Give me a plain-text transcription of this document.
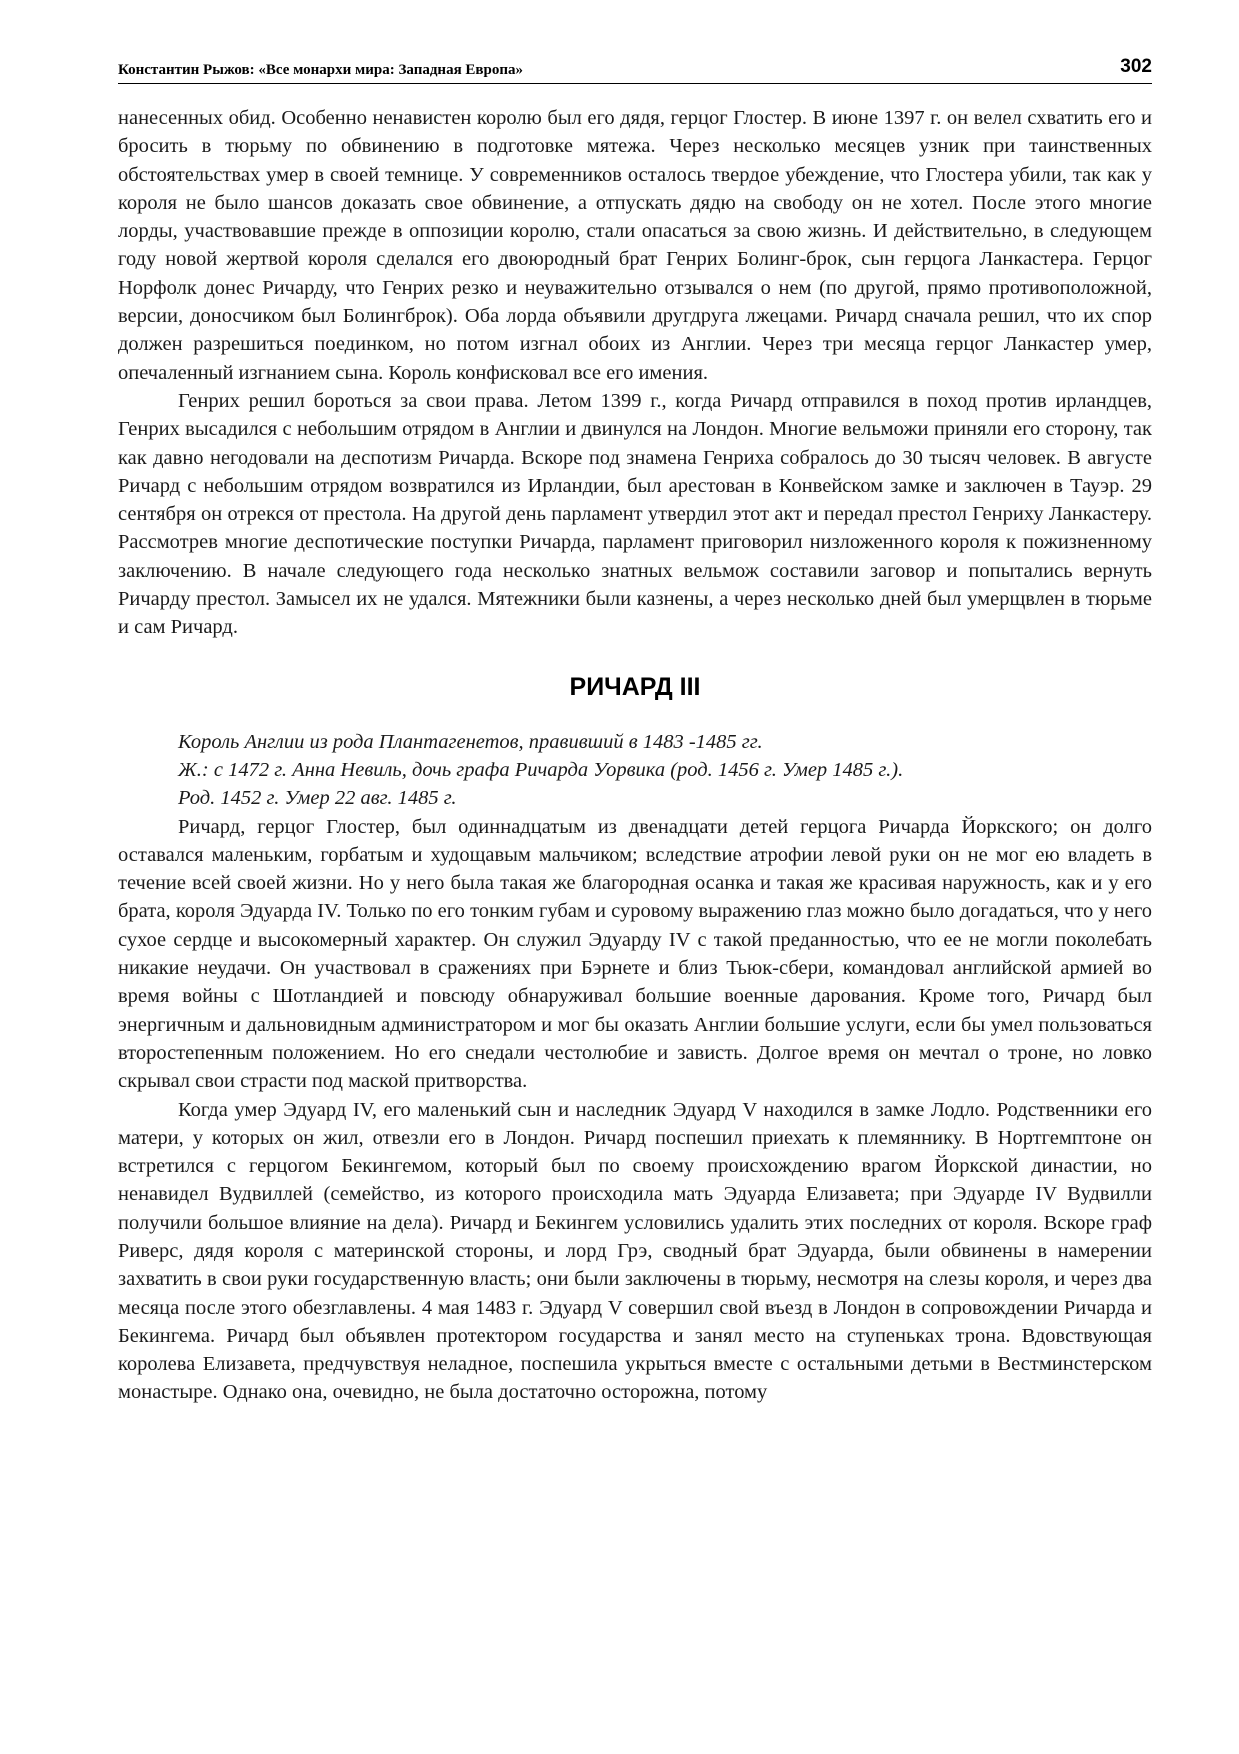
Константин Рыжов: «Все монархи мира: Западная Европа»	302

нанесенных обид. Особенно ненавистен королю был его дядя, герцог Глостер. В июне 1397 г. он велел схватить его и бросить в тюрьму по обвинению в подготовке мятежа. Через несколько месяцев узник при таинственных обстоятельствах умер в своей темнице. У современников осталось твердое убеждение, что Глостера убили, так как у короля не было шансов доказать свое обвинение, а отпускать дядю на свободу он не хотел. После этого многие лорды, участвовавшие прежде в оппозиции королю, стали опасаться за свою жизнь. И действительно, в следующем году новой жертвой короля сделался его двоюродный брат Генрих Болинг-брок, сын герцога Ланкастера. Герцог Норфолк донес Ричарду, что Генрих резко и неуважительно отзывался о нем (по другой, прямо противоположной, версии, доносчиком был Болингброк). Оба лорда объявили другдруга лжецами. Ричард сначала решил, что их спор должен разрешиться поединком, но потом изгнал обоих из Англии. Через три месяца герцог Ланкастер умер, опечаленный изгнанием сына. Король конфисковал все его имения.

Генрих решил бороться за свои права. Летом 1399 г., когда Ричард отправился в поход против ирландцев, Генрих высадился с небольшим отрядом в Англии и двинулся на Лондон. Многие вельможи приняли его сторону, так как давно негодовали на деспотизм Ричарда. Вскоре под знамена Генриха собралось до 30 тысяч человек. В августе Ричард с небольшим отрядом возвратился из Ирландии, был арестован в Конвейском замке и заключен в Тауэр. 29 сентября он отрекся от престола. На другой день парламент утвердил этот акт и передал престол Генриху Ланкастеру. Рассмотрев многие деспотические поступки Ричарда, парламент приговорил низложенного короля к пожизненному заключению. В начале следующего года несколько знатных вельмож составили заговор и попытались вернуть Ричарду престол. Замысел их не удался. Мятежники были казнены, а через несколько дней был умерщвлен в тюрьме и сам Ричард.

РИЧАРД III

Король Англии из рода Плантагенетов, правивший в 1483 -1485 гг.

Ж.: с 1472 г. Анна Невиль, дочь графа Ричарда Уорвика (род. 1456 г. Умер 1485 г.).

Род. 1452 г. Умер 22 авг. 1485 г.

Ричард, герцог Глостер, был одиннадцатым из двенадцати детей герцога Ричарда Йоркского; он долго оставался маленьким, горбатым и худощавым мальчиком; вследствие атрофии левой руки он не мог ею владеть в течение всей своей жизни. Но у него была такая же благородная осанка и такая же красивая наружность, как и у его брата, короля Эдуарда IV. Только по его тонким губам и суровому выражению глаз можно было догадаться, что у него сухое сердце и высокомерный характер. Он служил Эдуарду IV с такой преданностью, что ее не могли поколебать никакие неудачи. Он участвовал в сражениях при Бэрнете и близ Тьюк-сбери, командовал английской армией во время войны с Шотландией и повсюду обнаруживал большие военные дарования. Кроме того, Ричард был энергичным и дальновидным администратором и мог бы оказать Англии большие услуги, если бы умел пользоваться второстепенным положением. Но его снедали честолюбие и зависть. Долгое время он мечтал о троне, но ловко скрывал свои страсти под маской притворства.

Когда умер Эдуард IV, его маленький сын и наследник Эдуард V находился в замке Лодло. Родственники его матери, у которых он жил, отвезли его в Лондон. Ричард поспешил приехать к племяннику. В Нортгемптоне он встретился с герцогом Бекингемом, который был по своему происхождению врагом Йоркской династии, но ненавидел Вудвиллей (семейство, из которого происходила мать Эдуарда Елизавета; при Эдуарде IV Вудвилли получили большое влияние на дела). Ричард и Бекингем условились удалить этих последних от короля. Вскоре граф Риверс, дядя короля с материнской стороны, и лорд Грэ, сводный брат Эдуарда, были обвинены в намерении захватить в свои руки государственную власть; они были заключены в тюрьму, несмотря на слезы короля, и через два месяца после этого обезглавлены. 4 мая 1483 г. Эдуард V совершил свой въезд в Лондон в сопровождении Ричарда и Бекингема. Ричард был объявлен протектором государства и занял место на ступеньках трона. Вдовствующая королева Елизавета, предчувствуя неладное, поспешила укрыться вместе с остальными детьми в Вестминстерском монастыре. Однако она, очевидно, не была достаточно осторожна, потому
